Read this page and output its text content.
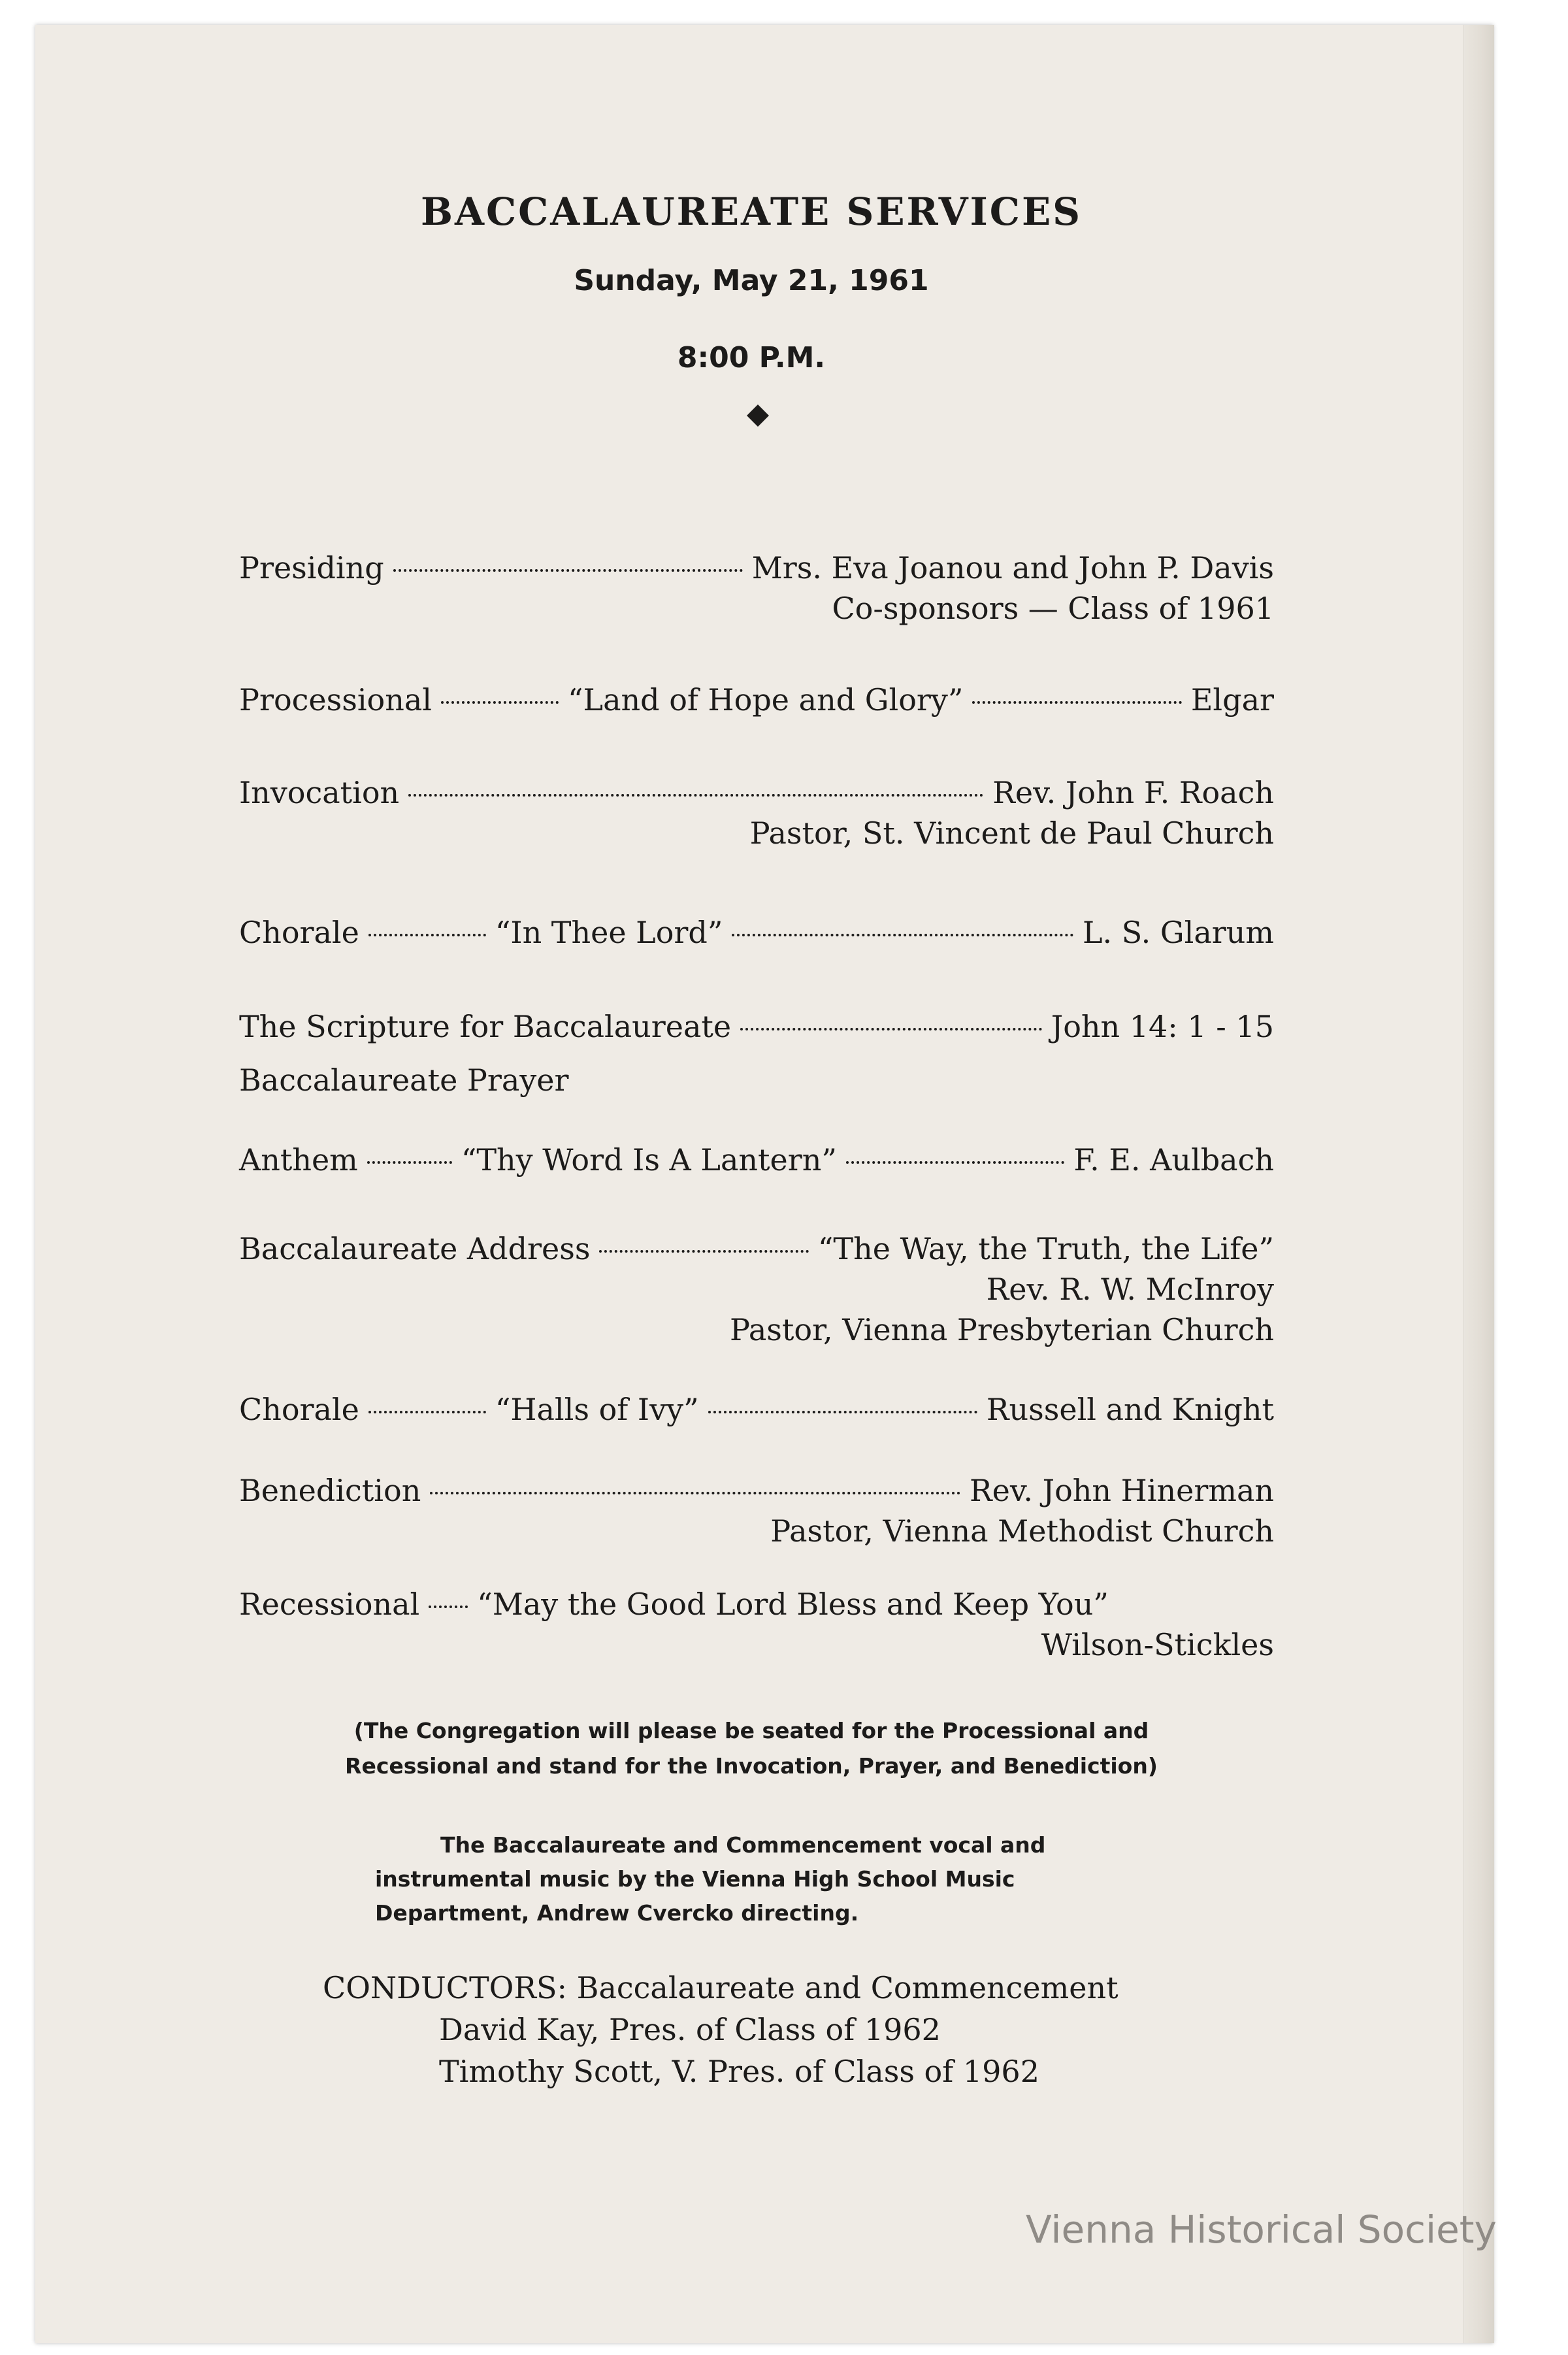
BACCALAUREATE SERVICES
Sunday, May 21, 1961
8:00 P.M.
Presiding	Mrs. Eva Joanou and John P. Davis
Co-sponsors — Class of 1961
Processional	“Land of Hope and Glory”	Elgar
Invocation	Rev. John F. Roach
Pastor, St. Vincent de Paul Church
Chorale	“In Thee Lord”	L. S. Glarum
The Scripture for Baccalaureate	John 14: 1 - 15
Baccalaureate Prayer
Anthem	“Thy Word Is A Lantern”	F. E. Aulbach
Baccalaureate Address	“The Way, the Truth, the Life”
Rev. R. W. McInroy
Pastor, Vienna Presbyterian Church
Chorale	“Halls of Ivy”	Russell and Knight
Benediction	Rev. John Hinerman
Pastor, Vienna Methodist Church
Recessional “May the Good Lord Bless and Keep You”
Wilson-Stickles
(The Congregation will please be seated for the Processional and
Recessional and stand for the Invocation, Prayer, and Benediction)
The Baccalaureate and Commencement vocal and
instrumental music by the Vienna High School Music
Department, Andrew Cvercko directing.
CONDUCTORS: Baccalaureate and Commencement
David Kay, Pres. of Class of 1962
Timothy Scott, V. Pres. of Class of 1962
Vienna Historical Society
